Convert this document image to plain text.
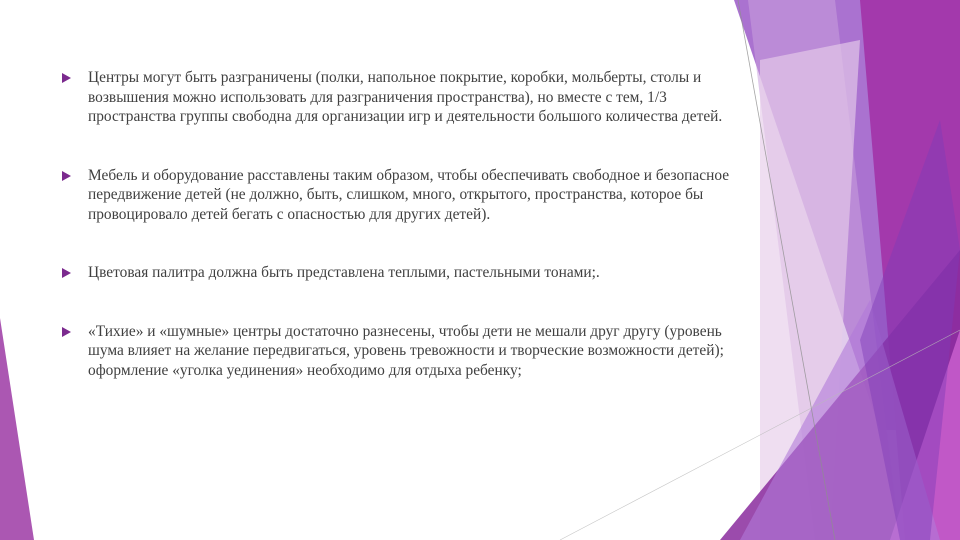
Центры могут быть разграничены (полки, напольное покрытие, коробки, мольберты, столы и возвышения можно использовать для разграничения пространства), но вместе с тем, 1/3 пространства группы свободна для организации игр и деятельности большого количества детей.
Мебель и оборудование расставлены таким образом, чтобы обеспечивать свободное и безопасное передвижение детей (не должно, быть, слишком, много, открытого, пространства, которое бы провоцировало детей бегать с опасностью для других детей).
Цветовая палитра должна быть представлена теплыми, пастельными тонами;.
«Тихие» и «шумные» центры достаточно разнесены, чтобы дети не мешали друг другу (уровень шума влияет на желание передвигаться, уровень тревожности и творческие возможности детей); оформление «уголка уединения» необходимо для отдыха ребенку;
